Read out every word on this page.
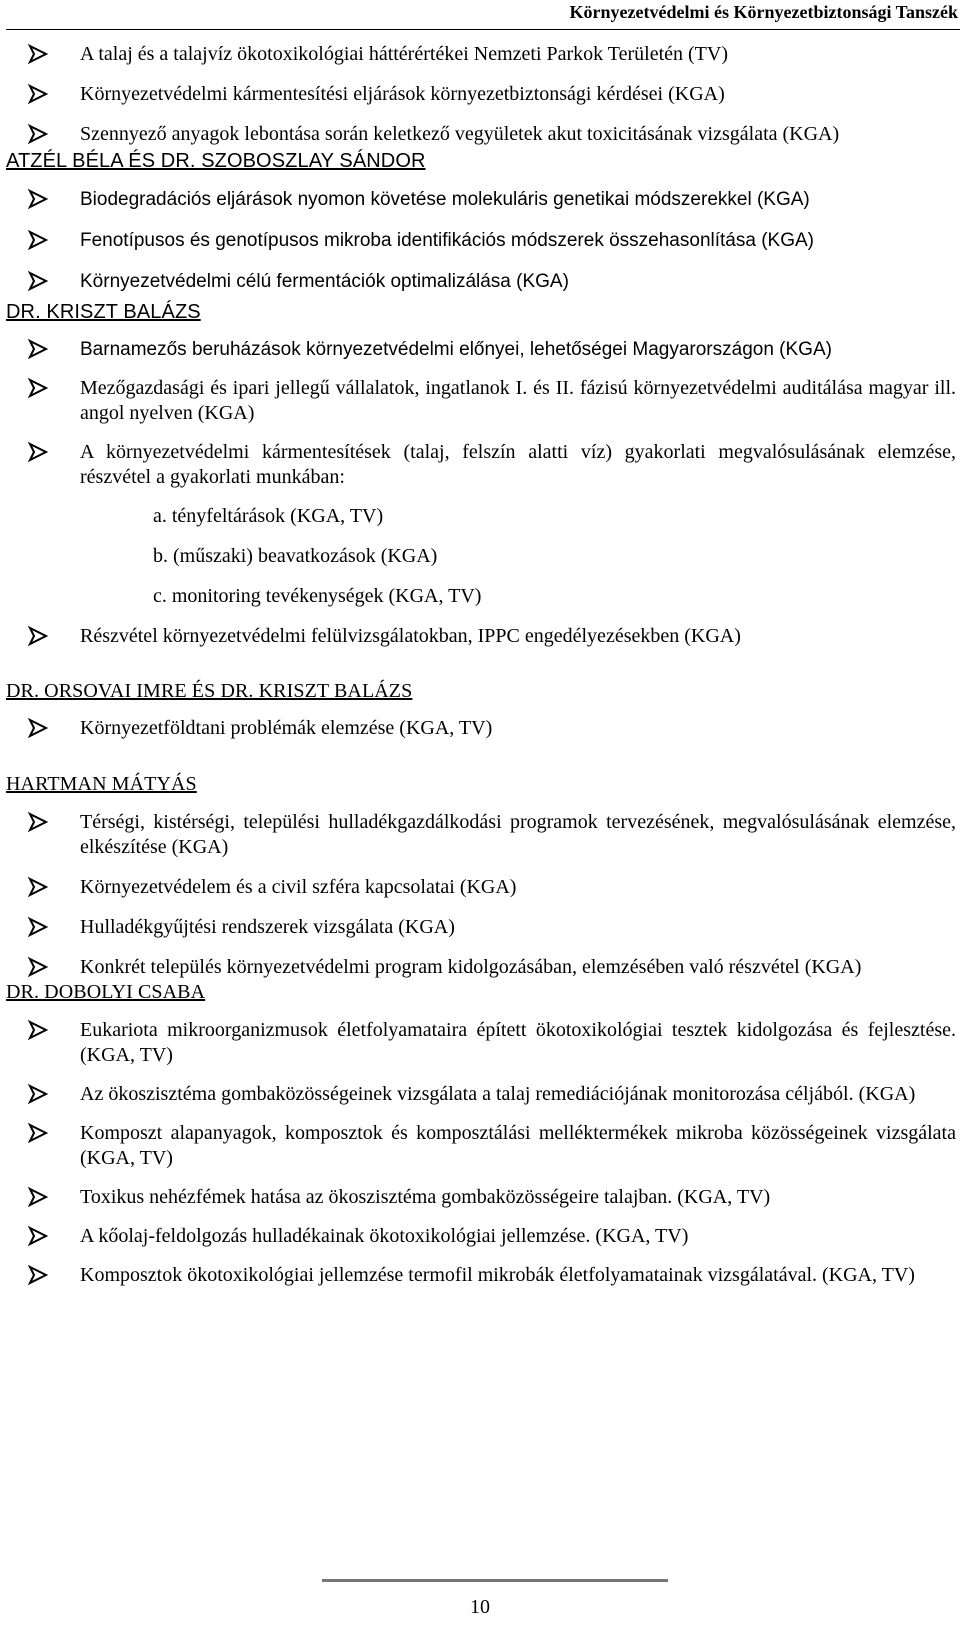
Környezetvédelmi és Környezetbiztonsági Tanszék
A talaj és a talajvíz ökotoxikológiai háttérértékei Nemzeti Parkok Területén (TV)
Környezetvédelmi kármentesítési eljárások környezetbiztonsági kérdései (KGA)
Szennyező anyagok lebontása során keletkező vegyületek akut toxicitásának vizsgálata (KGA)
ATZÉL BÉLA ÉS DR. SZOBOSZLAY SÁNDOR
Biodegradációs eljárások nyomon követése molekuláris genetikai módszerekkel (KGA)
Fenotípusos és genotípusos mikroba identifikációs módszerek összehasonlítása (KGA)
Környezetvédelmi célú fermentációk optimalizálása (KGA)
DR. KRISZT BALÁZS
Barnamezős beruházások környezetvédelmi előnyei, lehetőségei Magyarországon (KGA)
Mezőgazdasági és ipari jellegű vállalatok, ingatlanok I. és II. fázisú környezetvédelmi auditálása magyar ill. angol nyelven (KGA)
A környezetvédelmi kármentesítések (talaj, felszín alatti víz) gyakorlati megvalósulásának elemzése, részvétel a gyakorlati munkában:
a. tényfeltárások (KGA, TV)
b. (műszaki) beavatkozások (KGA)
c. monitoring tevékenységek (KGA, TV)
Részvétel környezetvédelmi felülvizsgálatokban, IPPC engedélyezésekben (KGA)
DR. ORSOVAI IMRE ÉS DR. KRISZT BALÁZS
Környezetföldtani problémák elemzése (KGA, TV)
HARTMAN MÁTYÁS
Térségi, kistérségi, települési hulladékgazdálkodási programok tervezésének, megvalósulásának elemzése, elkészítése (KGA)
Környezetvédelem és a civil szféra kapcsolatai (KGA)
Hulladékgyűjtési rendszerek vizsgálata (KGA)
Konkrét település környezetvédelmi program kidolgozásában, elemzésében való részvétel (KGA)
DR. DOBOLYI CSABA
Eukariota mikroorganizmusok életfolyamataira épített ökotoxikológiai tesztek kidolgozása és fejlesztése. (KGA, TV)
Az ökoszisztéma gombaközösségeinek vizsgálata a talaj remediációjának monitorozása céljából. (KGA)
Komposzt alapanyagok, komposztok és komposztálási melléktermékek mikroba közösségeinek vizsgálata (KGA, TV)
Toxikus nehézfémek hatása az ökoszisztéma gombaközösségeire talajban. (KGA, TV)
A kőolaj-feldolgozás hulladékainak ökotoxikológiai jellemzése. (KGA, TV)
Komposztok ökotoxikológiai jellemzése termofil mikrobák életfolyamatainak vizsgálatával. (KGA, TV)
10
